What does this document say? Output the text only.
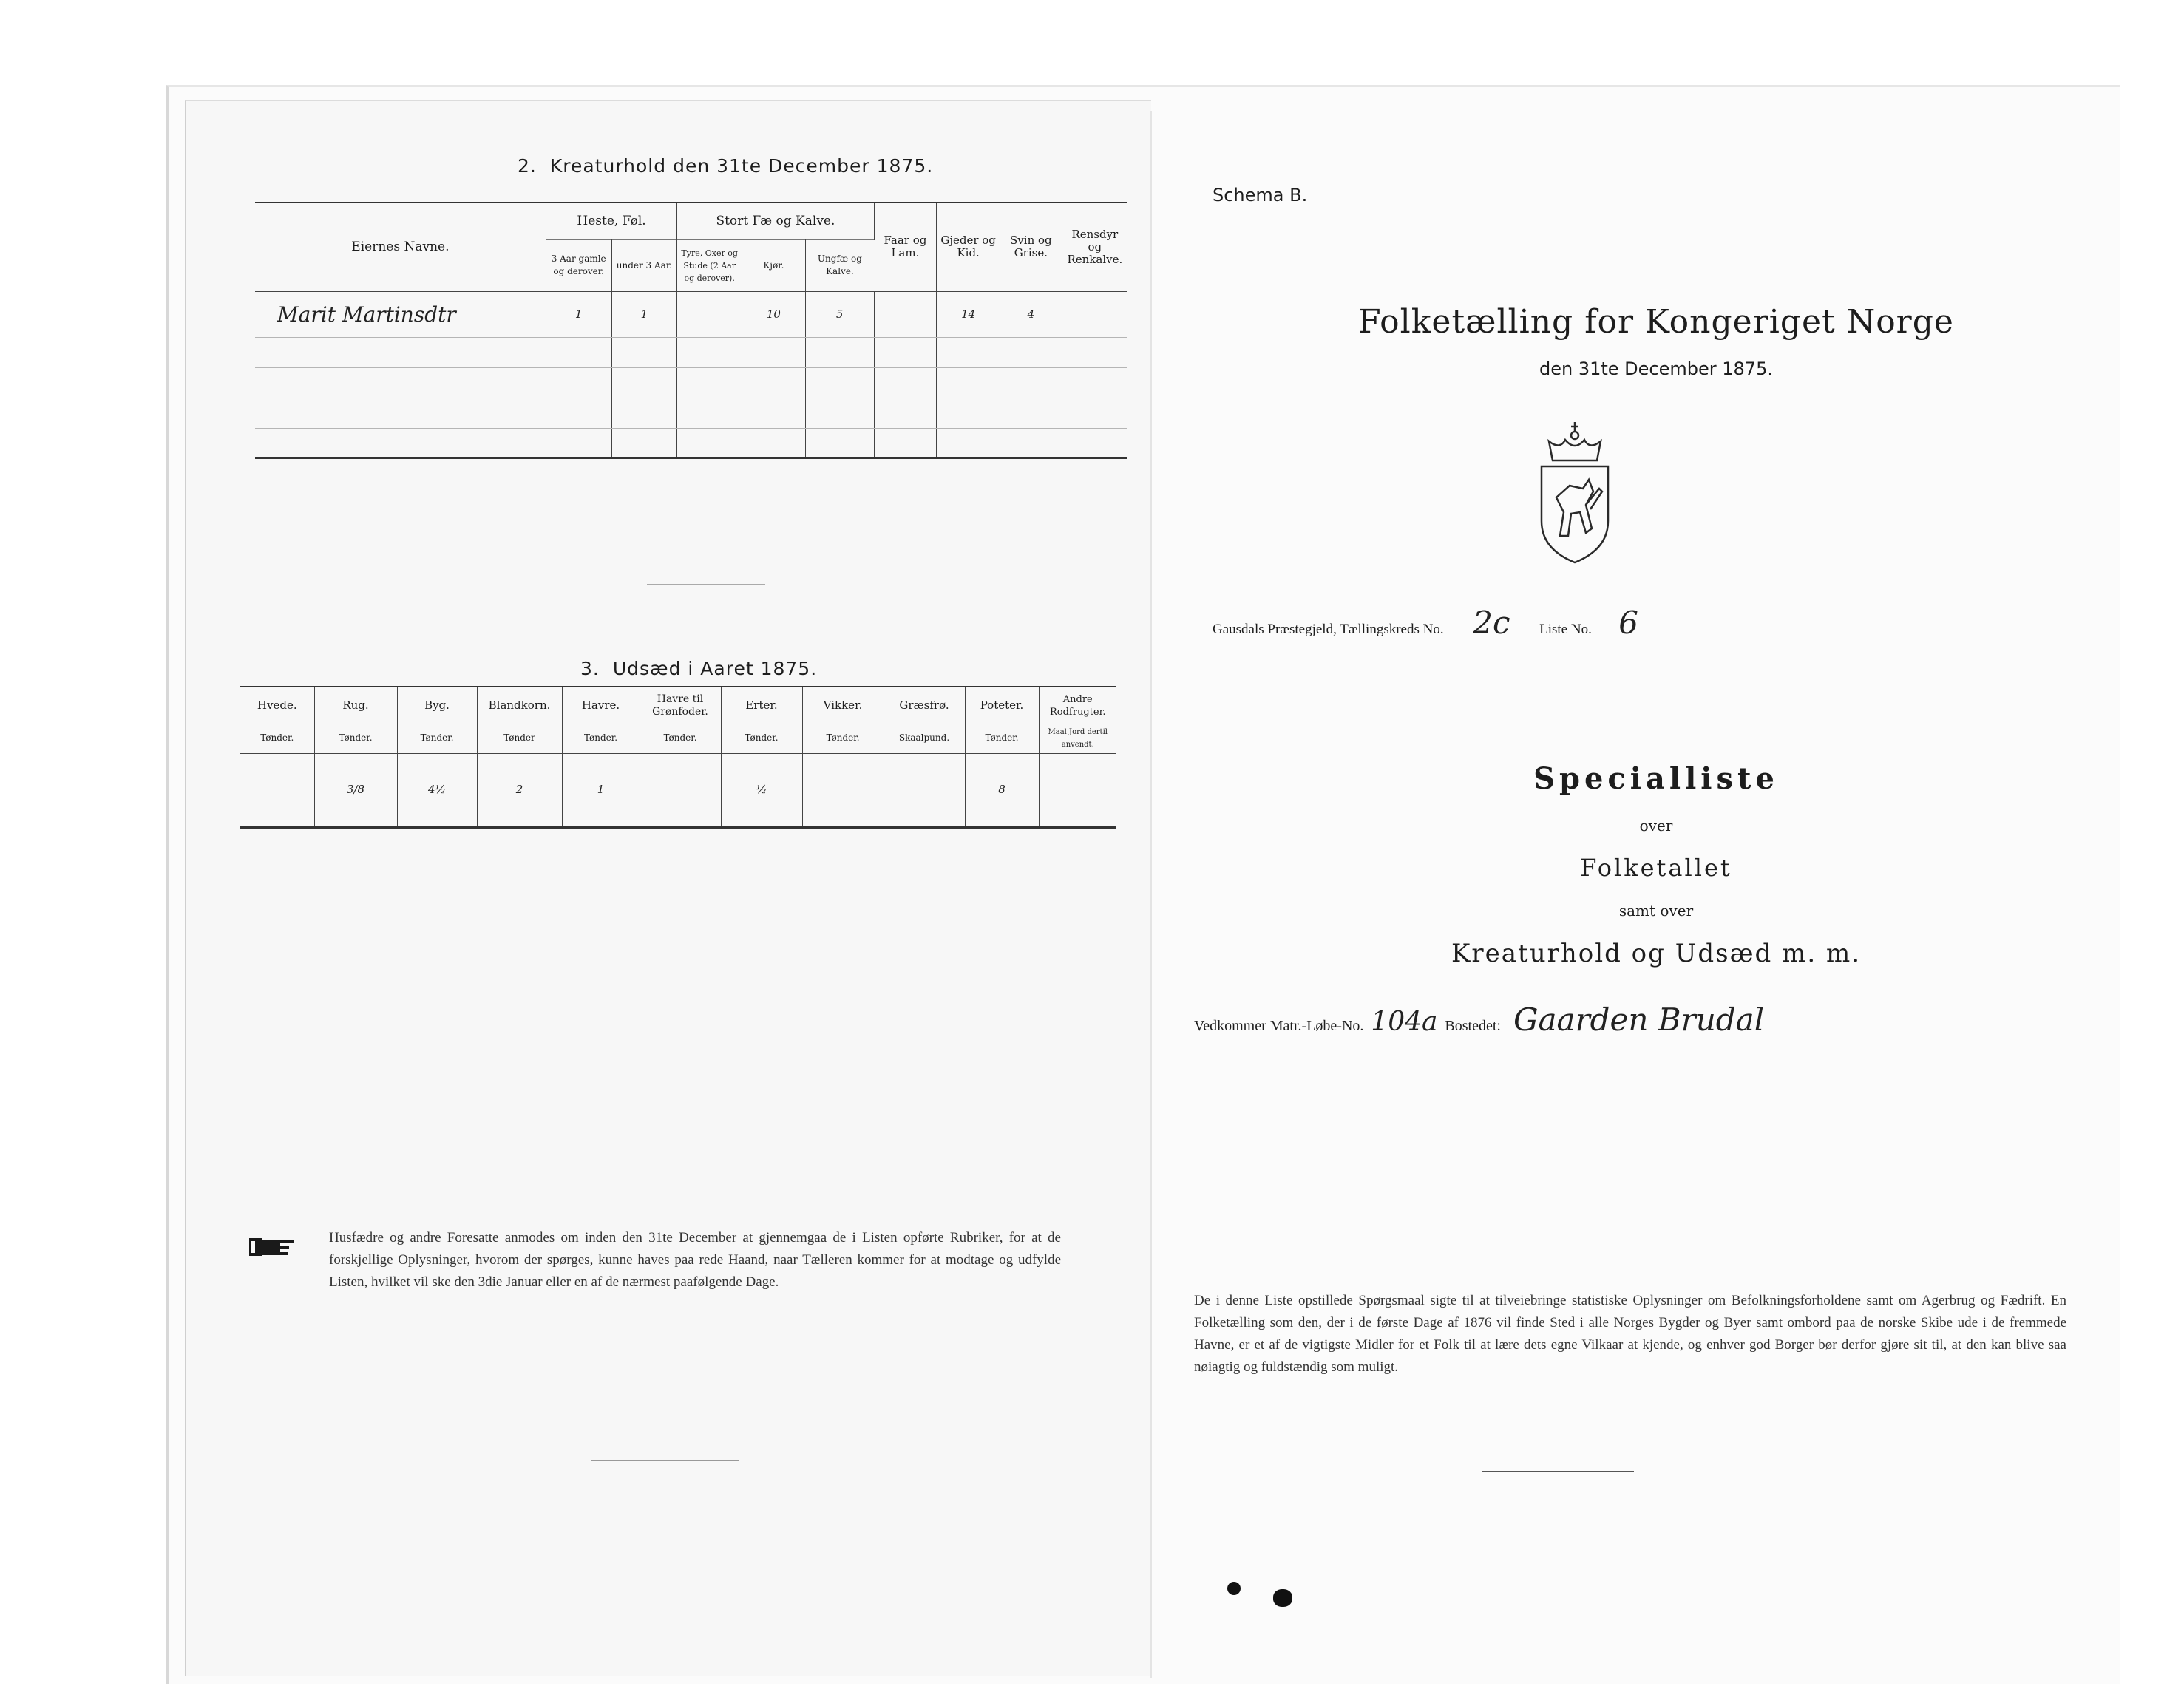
2. Kreaturhold den 31te December 1875.
Eiernes Navne.	Heste, Føl.		Stort Fæ og Kalve.			Faar og Lam.	Gjeder og Kid.	Svin og Grise.	Rensdyr og Renkalve.
	3 Aar gamle og derover.	under 3 Aar.	Tyre, Oxer og Stude (2 Aar og derover).	Kjør.	Ungfæ og Kalve.				
Marit Martinsdtr	1	1		10	5		14	4	

3. Udsæd i Aaret 1875.
Hvede.	Rug.	Byg.	Blandkorn.	Havre.	Havre til Grønfoder.	Erter.	Vikker.	Græsfrø.	Poteter.	Andre Rodfrugter.
Tønder.	Tønder.	Tønder.	Tønder	Tønder.	Tønder.	Tønder.	Tønder.	Skaalpund.	Tønder.	Maal Jord dertil anvendt.
	3/8	4½	2	1		½			8	
Husfædre og andre Foresatte anmodes om inden den 31te December at gjennemgaa de i Listen opførte Rubriker, for at de forskjellige Oplysninger, hvorom der spørges, kunne haves paa rede Haand, naar Tælleren kommer for at modtage og udfylde Listen, hvilket vil ske den 3die Januar eller en af de nærmest paafølgende Dage.
Schema B.
Folketælling for Kongeriget Norge
den 31te December 1875.
Gausdals Præstegjeld, Tællingskreds No. 2c Liste No. 6
Specialliste
over
Folketallet
samt over
Kreaturhold og Udsæd m. m.
Vedkommer Matr.-Løbe-No. 104a Bostedet: Gaarden Brudal
De i denne Liste opstillede Spørgsmaal sigte til at tilveiebringe statistiske Oplysninger om Befolkningsforholdene samt om Agerbrug og Fædrift. En Folketælling som den, der i de første Dage af 1876 vil finde Sted i alle Norges Bygder og Byer samt ombord paa de norske Skibe ude i de fremmede Havne, er et af de vigtigste Midler for et Folk til at lære dets egne Vilkaar at kjende, og enhver god Borger bør derfor gjøre sit til, at den kan blive saa nøiagtig og fuldstændig som muligt.
